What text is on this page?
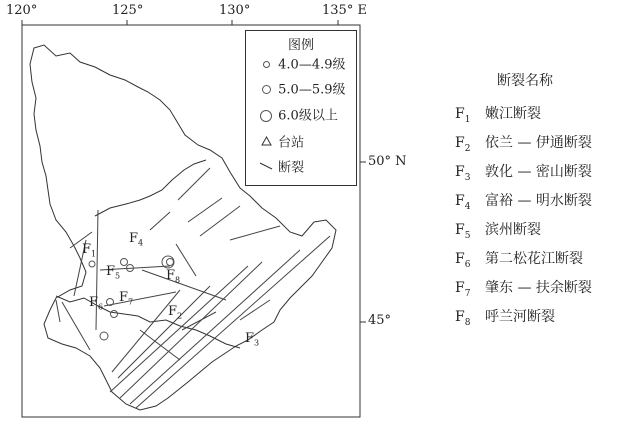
120°	125°	130°	135° E
50° N
45°
$F_1$
$F_4$
$F_5$	$F_8$
$F_6$
$F_7$
$F_2$
$F_3$
图例
4.0—4.9级
5.0—5.9级
6.0级以上
台站
断裂
断裂名称
$F_1$ 嫩江断裂
$F_2$ 依兰 — 伊通断裂
$F_3$ 敦化 — 密山断裂
$F_4$ 富裕 — 明水断裂
$F_5$ 滨州断裂
$F_6$ 第二松花江断裂
$F_7$ 肇东 — 扶余断裂
$F_8$ 呼兰河断裂
